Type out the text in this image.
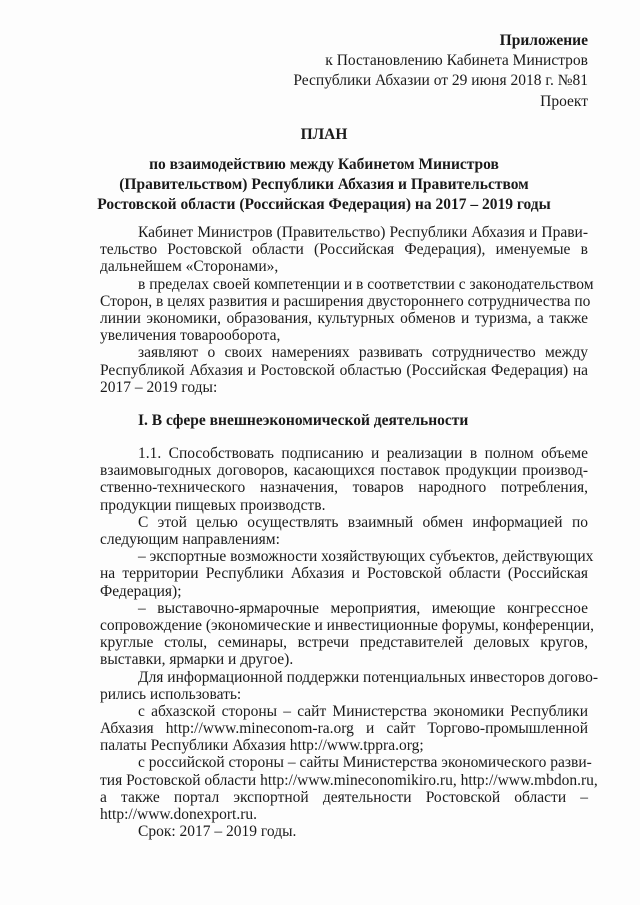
Приложение
к Постановлению Кабинета Министров
Республики Абхазии от 29 июня 2018 г. №81
Проект
ПЛАН
по взаимодействию между Кабинетом Министров
(Правительством) Республики Абхазия и Правительством
Ростовской области (Российская Федерация) на 2017 – 2019 годы
Кабинет Министров (Правительство) Республики Абхазия и Прави-
тельство Ростовской области (Российская Федерация), именуемые в
дальнейшем «Сторонами»,
в пределах своей компетенции и в соответствии с законодательством
Сторон, в целях развития и расширения двустороннего сотрудничества по
линии экономики, образования, культурных обменов и туризма, а также
увеличения товарооборота,
заявляют о своих намерениях развивать сотрудничество между
Республикой Абхазия и Ростовской областью (Российская Федерация) на
2017 – 2019 годы:
I. В сфере внешнеэкономической деятельности
1.1. Способствовать подписанию и реализации в полном объеме
взаимовыгодных договоров, касающихся поставок продукции производ-
ственно-технического назначения, товаров народного потребления,
продукции пищевых производств.
С этой целью осуществлять взаимный обмен информацией по
следующим направлениям:
– экспортные возможности хозяйствующих субъектов, действующих
на территории Республики Абхазия и Ростовской области (Российская
Федерация);
– выставочно-ярмарочные мероприятия, имеющие конгрессное
сопровождение (экономические и инвестиционные форумы, конференции,
круглые столы, семинары, встречи представителей деловых кругов,
выставки, ярмарки и другое).
Для информационной поддержки потенциальных инвесторов догово-
рились использовать:
с абхазской стороны – сайт Министерства экономики Республики
Абхазия http://www.mineconom-ra.org и сайт Торгово-промышленной
палаты Республики Абхазия http://www.tppra.org;
с российской стороны – сайты Министерства экономического разви-
тия Ростовской области http://www.mineconomikiro.ru, http://www.mbdon.ru,
а также портал экспортной деятельности Ростовской области –
http://www.donexport.ru.
Срок: 2017 – 2019 годы.
